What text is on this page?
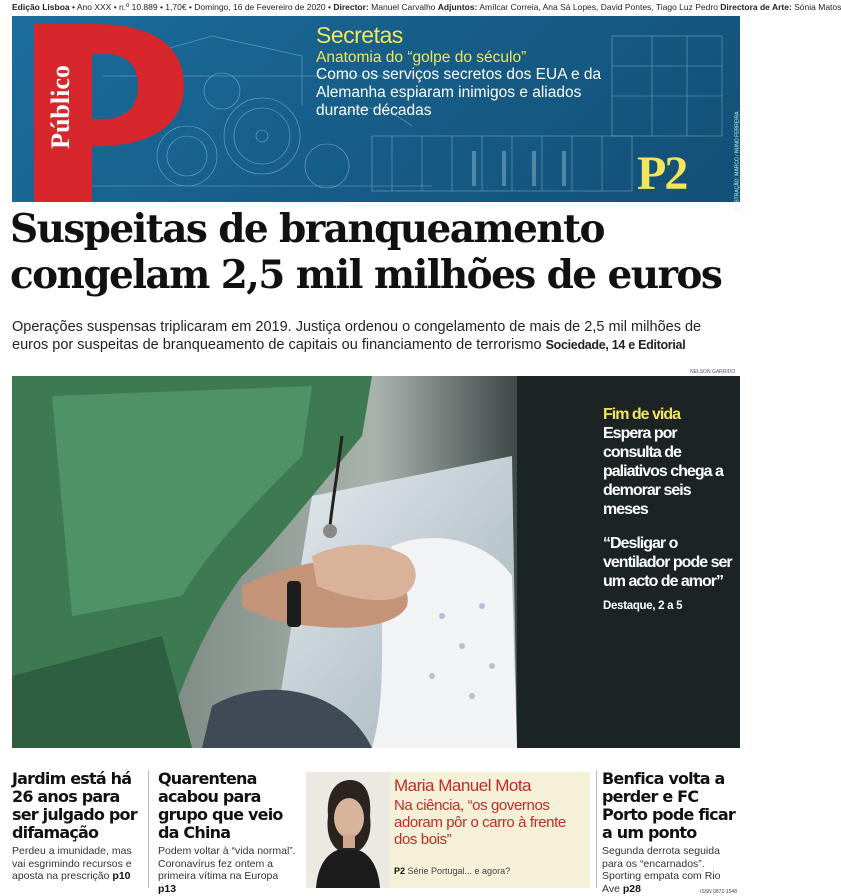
Edição Lisboa • Ano XXX • n.º 10.889 • 1,70€ • Domingo, 16 de Fevereiro de 2020 • Director: Manuel Carvalho Adjuntos: Amílcar Correia, Ana Sá Lopes, David Pontes, Tiago Luz Pedro Directora de Arte: Sónia Matos
Público
Secretas
Anatomia do “golpe do século”
Como os serviços secretos dos EUA e da Alemanha espiaram inimigos e aliados durante décadas
P2	ILUSTRAÇÃO: MARCO / NUNO FERREIRA
Suspeitas de branqueamento congelam 2,5 mil milhões de euros

Operações suspensas triplicaram em 2019. Justiça ordenou o congelamento de mais de 2,5 mil milhões de euros por suspeitas de branqueamento de capitais ou financiamento de terrorismo Sociedade, 14 e Editorial

NELSON GARRIDO
Fim de vida
Espera por consulta de paliativos chega a demorar seis meses
“Desligar o ventilador pode ser um acto de amor”
Destaque, 2 a 5
Jardim está há 26 anos para ser julgado por difamação
Perdeu a imunidade, mas vai esgrimindo recursos e aposta na prescrição p10
Quarentena acabou para grupo que veio da China
Podem voltar à “vida normal”. Coronavírus fez ontem a primeira vítima na Europa p13
Maria Manuel Mota
Na ciência, “os governos adoram pôr o carro à frente dos bois”
P2 Série Portugal... e agora?
Benfica volta a perder e FC Porto pode ficar a um ponto
Segunda derrota seguida para os “encarnados”. Sporting empata com Rio Ave p28	ISSN 0872-1548
